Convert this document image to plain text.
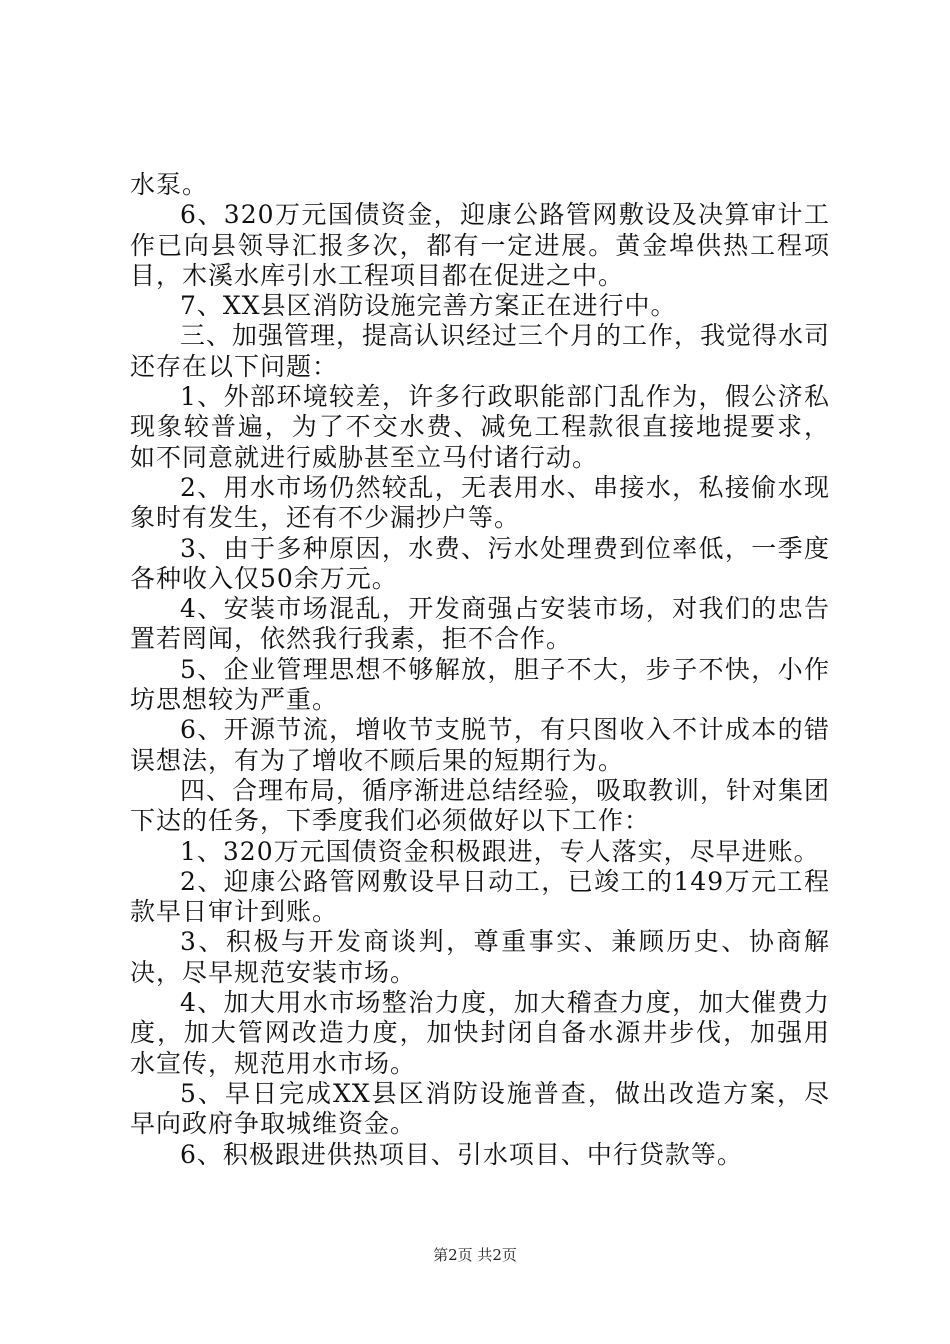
水泵。

6、320万元国债资金，迎康公路管网敷设及决算审计工作已向县领导汇报多次，都有一定进展。黄金埠供热工程项目，木溪水库引水工程项目都在促进之中。

7、XX县区消防设施完善方案正在进行中。

三、加强管理，提高认识经过三个月的工作，我觉得水司还存在以下问题：

1、外部环境较差，许多行政职能部门乱作为，假公济私现象较普遍，为了不交水费、减免工程款很直接地提要求，如不同意就进行威胁甚至立马付诸行动。

2、用水市场仍然较乱，无表用水、串接水，私接偷水现象时有发生，还有不少漏抄户等。

3、由于多种原因，水费、污水处理费到位率低，一季度各种收入仅50余万元。

4、安装市场混乱，开发商强占安装市场，对我们的忠告置若罔闻，依然我行我素，拒不合作。

5、企业管理思想不够解放，胆子不大，步子不快，小作坊思想较为严重。

6、开源节流，增收节支脱节，有只图收入不计成本的错误想法，有为了增收不顾后果的短期行为。

四、合理布局，循序渐进总结经验，吸取教训，针对集团下达的任务，下季度我们必须做好以下工作：

1、320万元国债资金积极跟进，专人落实，尽早进账。

2、迎康公路管网敷设早日动工，已竣工的149万元工程款早日审计到账。

3、积极与开发商谈判，尊重事实、兼顾历史、协商解决，尽早规范安装市场。

4、加大用水市场整治力度，加大稽查力度，加大催费力度，加大管网改造力度，加快封闭自备水源井步伐，加强用水宣传，规范用水市场。

5、早日完成XX县区消防设施普查，做出改造方案，尽早向政府争取城维资金。

6、积极跟进供热项目、引水项目、中行贷款等。

第2页 共2页
